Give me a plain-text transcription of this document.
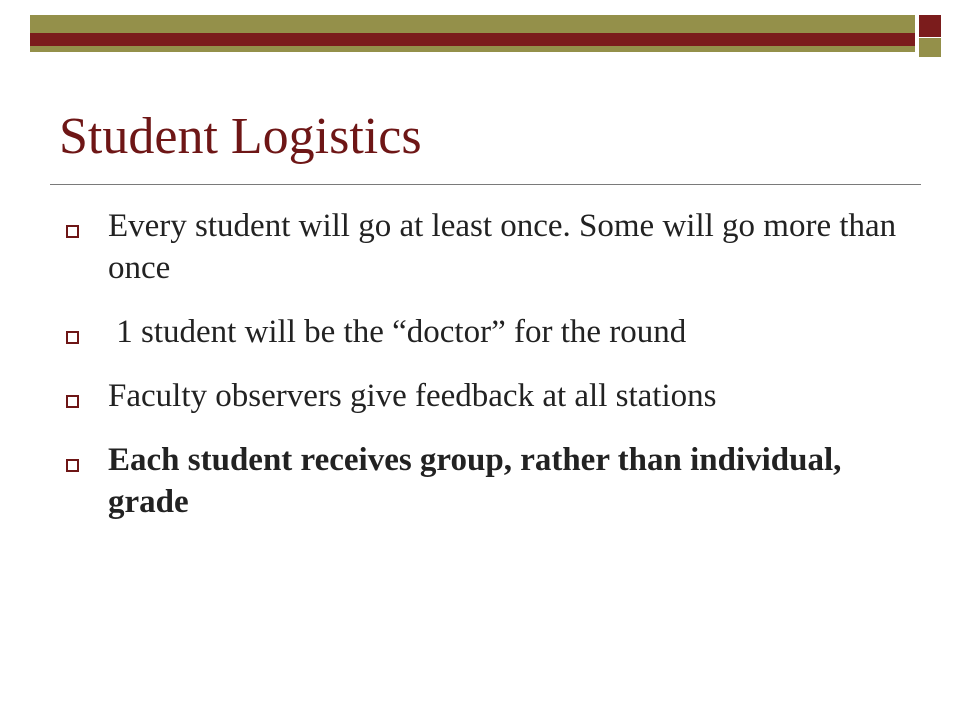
Student Logistics
Every student will go at least once. Some will go more than once
1 student will be the “doctor” for the round
Faculty observers give feedback at all stations
Each student receives group, rather than individual, grade
